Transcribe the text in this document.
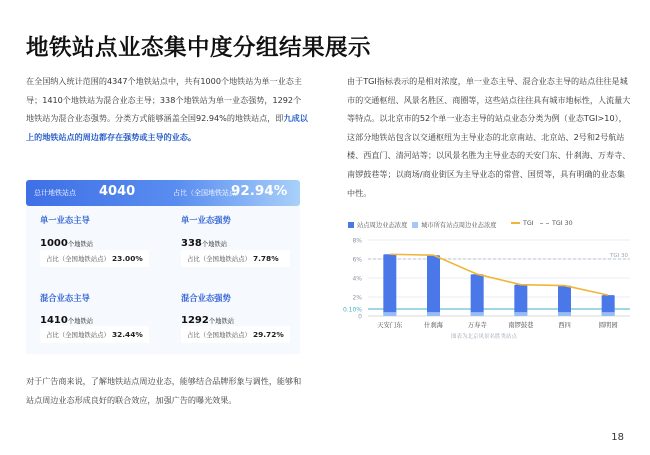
地铁站点业态集中度分组结果展示

在全国纳入统计范围的4347个地铁站点中，共有1000个地铁站为单一业态主导；1410个地铁站为混合业态主导；338个地铁站为单一业态强势，1292个地铁站为混合业态强势。分类方式能够涵盖全国92.94%的地铁站点，即九成以上的地铁站点的周边都存在强势或主导的业态。

由于TGI指标表示的是相对浓度，单一业态主导、混合业态主导的站点往往是城市的交通枢纽、风景名胜区、商圈等，这些站点往往具有城市地标性，人流量大等特点。以北京市的52个单一业态主导的站点业态分类为例（业态TGI>10），这部分地铁站包含以交通枢纽为主导业态的北京南站、北京站、2号和2号航站楼、西直门、清河站等；以风景名胜为主导业态的天安门东、什刹海、万寿寺、南锣鼓巷等；以商场/商业街区为主导业态的常营、国贸等，具有明确的业态集中性。

对于广告商来说，了解地铁站点周边业态，能够结合品牌形象与调性，能够和站点周边业态形成良好的联合效应，加强广告的曝光效果。

总计地铁站点 4040	占比（全国地铁站点）
92.94%
单一业态主导
1000个地铁站
占比（全国地铁站点） 23.00%
单一业态强势
338个地铁站
占比（全国地铁站点） 7.78%
混合业态主导
1410个地铁站
占比（全国地铁站点） 32.44%
混合业态强势
1292个地铁站
占比（全国地铁站点） 29.72%
站点周边业态浓度	城市所有站点周边业态浓度	TGI	TGI 30
8%
6%
4%
2%
0.10%
0
TGI 30
天安门东	什刹海	万寿寺	南锣鼓巷	西四	圆明园
图表为北京风景名胜类站点
18
